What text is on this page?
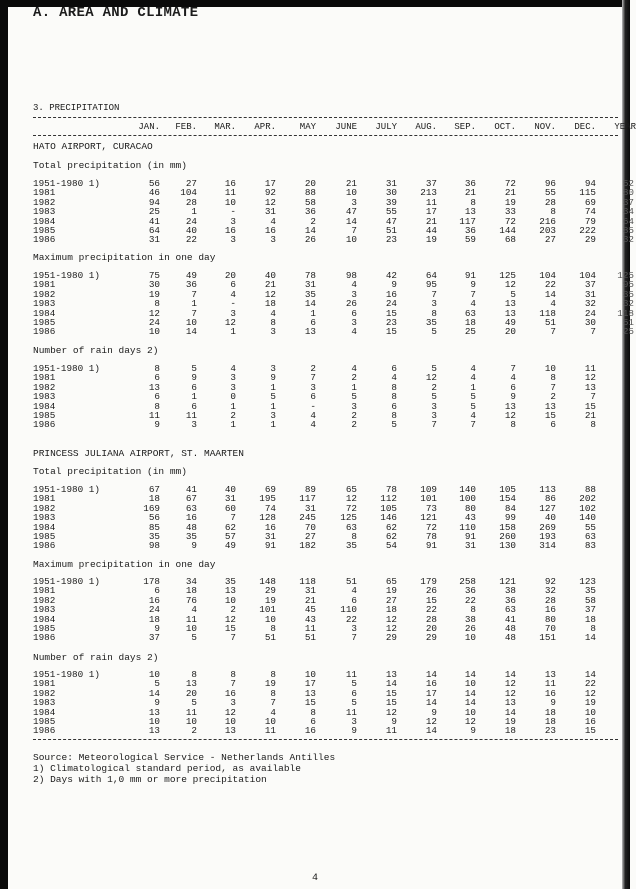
A. AREA AND CLIMATE
3. PRECIPITATION
JAN.	FEB.	MAR.	APR.	MAY	JUNE	JULY	AUG.	SEP.	OCT.	NOV.	DEC.	YEAR
HATO AIRPORT, CURACAO
Total precipitation (in mm)
1951-1980 1)	56	27	16	17	20	21	31	37	36	72	96	94	52
1981	46	104	11	92	88	10	30	213	21	21	55	115	80
1982	94	28	10	12	58	3	39	11	8	19	28	69	37
1983	25	1	-	31	36	47	55	17	13	33	8	74	34
1984	41	24	3	4	2	14	47	21	117	72	216	79	64
1985	64	40	16	16	14	7	51	44	36	144	203	222	85
1986	31	22	3	3	26	10	23	19	59	68	27	29	32
Maximum precipitation in one day
1951-1980 1)	75	49	20	40	78	98	42	64	91	125	104	104	125
1981	30	36	6	21	31	4	9	95	9	12	22	37	95
1982	19	7	4	12	35	3	16	7	7	5	14	31	35
1983	8	1	-	18	14	26	24	3	4	13	4	32	32
1984	12	7	3	4	1	6	15	8	63	13	118	24	118
1985	24	10	12	8	6	3	23	35	18	49	51	30	51
1986	10	14	1	3	13	4	15	5	25	20	7	7	25
Number of rain days 2)
1951-1980 1)	8	5	4	3	2	4	6	5	4	7	10	11
1981	6	9	3	9	7	2	4	12	4	4	8	12
1982	13	6	3	1	3	1	8	2	1	6	7	13
1983	6	1	0	5	6	5	8	5	5	9	2	7
1984	8	6	1	1	-	3	6	3	5	13	13	15
1985	11	11	2	3	4	2	8	3	4	12	15	21
1986	9	3	1	1	4	2	5	7	7	8	6	8
PRINCESS JULIANA AIRPORT, ST. MAARTEN
Total precipitation (in mm)
1951-1980 1)	67	41	40	69	89	65	78	109	140	105	113	88
1981	18	67	31	195	117	12	112	101	100	154	86	202
1982	169	63	60	74	31	72	105	73	80	84	127	102
1983	56	16	7	128	245	125	146	121	43	99	40	140
1984	85	48	62	16	70	63	62	72	110	158	269	55
1985	35	35	57	31	27	8	62	78	91	260	193	63
1986	98	9	49	91	182	35	54	91	31	130	314	83
Maximum precipitation in one day
1951-1980 1)	178	34	35	148	118	51	65	179	258	121	92	123
1981	6	18	13	29	31	4	19	26	36	38	32	35
1982	16	76	10	19	21	6	27	15	22	36	28	58
1983	24	4	2	101	45	110	18	22	8	63	16	37
1984	18	11	12	10	43	22	12	28	38	41	80	18
1985	9	10	15	8	11	3	12	20	26	48	70	8
1986	37	5	7	51	51	7	29	29	10	48	151	14
Number of rain days 2)
1951-1980 1)	10	8	8	8	10	11	13	14	14	14	13	14
1981	5	13	7	19	17	5	14	16	10	12	11	22
1982	14	20	16	8	13	6	15	17	14	12	16	12
1983	9	5	3	7	15	5	15	14	14	13	9	19
1984	13	11	12	4	8	11	12	9	10	14	18	10
1985	10	10	10	10	6	3	9	12	12	19	18	16
1986	13	2	13	11	16	9	11	14	9	18	23	15
Source: Meteorological Service - Netherlands Antilles
1) Climatological standard period, as available
2) Days with 1,0 mm or more precipitation
4
